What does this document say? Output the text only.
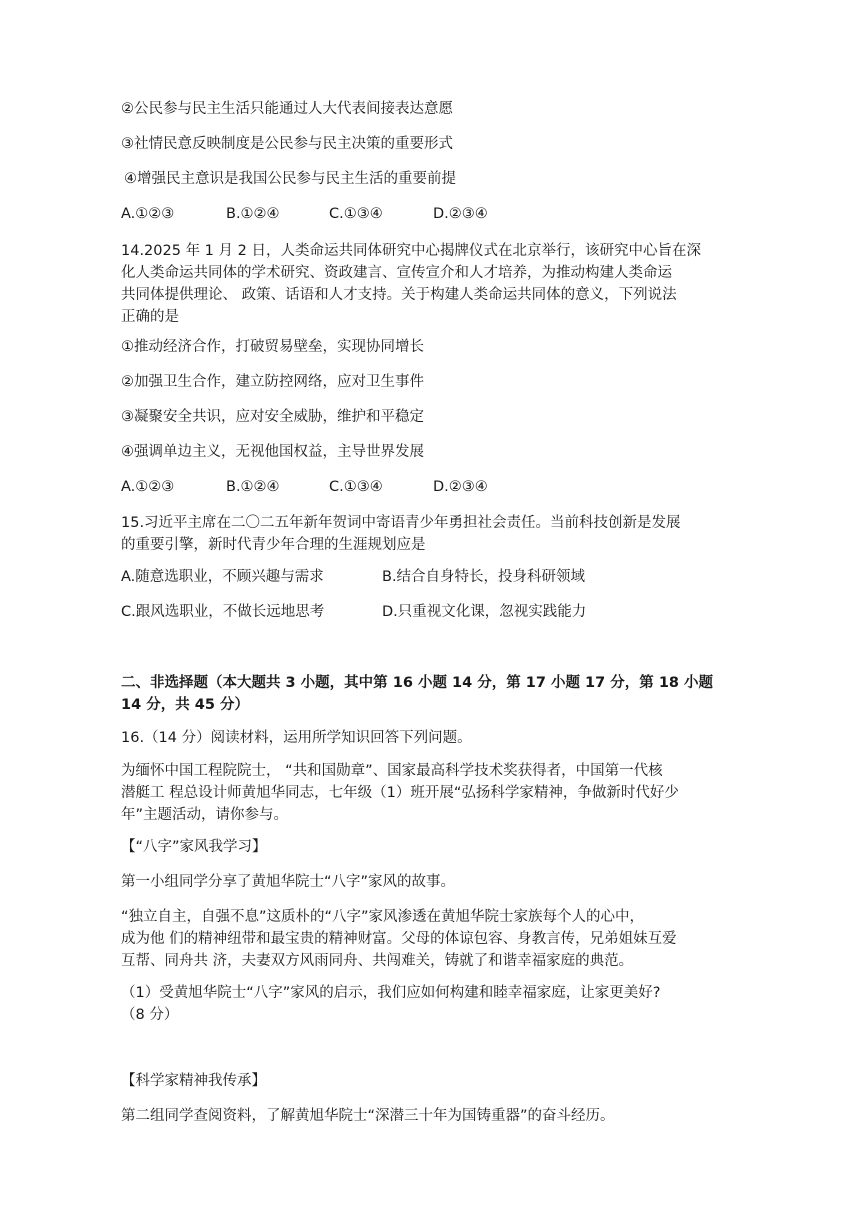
②公民参与民主生活只能通过人大代表间接表达意愿
③社情民意反映制度是公民参与民主决策的重要形式
④增强民主意识是我国公民参与民主生活的重要前提
A.①②③	B.①②④	C.①③④	D.②③④
14.2025 年 1 月 2 日，人类命运共同体研究中心揭牌仪式在北京举行，该研究中心旨在深
化人类命运共同体的学术研究、资政建言、宣传宣介和人才培养，为推动构建人类命运
共同体提供理论、 政策、话语和人才支持。关于构建人类命运共同体的意义，下列说法
正确的是
①推动经济合作，打破贸易壁垒，实现协同增长
②加强卫生合作，建立防控网络，应对卫生事件
③凝聚安全共识，应对安全威胁，维护和平稳定
④强调单边主义，无视他国权益，主导世界发展
A.①②③	B.①②④	C.①③④	D.②③④
15.习近平主席在二〇二五年新年贺词中寄语青少年勇担社会责任。当前科技创新是发展
的重要引擎，新时代青少年合理的生涯规划应是
A.随意选职业，不顾兴趣与需求	B.结合自身特长，投身科研领域
C.跟风选职业，不做长远地思考	D.只重视文化课，忽视实践能力
二、非选择题（本大题共 3 小题，其中第 16 小题 14 分，第 17 小题 17 分，第 18 小题
14 分，共 45 分）
16.（14 分）阅读材料，运用所学知识回答下列问题。
为缅怀中国工程院院士， “共和国勋章”、国家最高科学技术奖获得者，中国第一代核
潜艇工 程总设计师黄旭华同志，七年级（1）班开展“弘扬科学家精神，争做新时代好少
年”主题活动，请你参与。
【“八字”家风我学习】
第一小组同学分享了黄旭华院士“八字”家风的故事。
“独立自主，自强不息”这质朴的“八字”家风渗透在黄旭华院士家族每个人的心中，
成为他 们的精神纽带和最宝贵的精神财富。父母的体谅包容、身教言传，兄弟姐妹互爱
互帮、同舟共 济，夫妻双方风雨同舟、共闯难关，铸就了和谐幸福家庭的典范。
（1）受黄旭华院士“八字”家风的启示，我们应如何构建和睦幸福家庭，让家更美好?
（8 分）
【科学家精神我传承】
第二组同学查阅资料，了解黄旭华院士“深潜三十年为国铸重器”的奋斗经历。
